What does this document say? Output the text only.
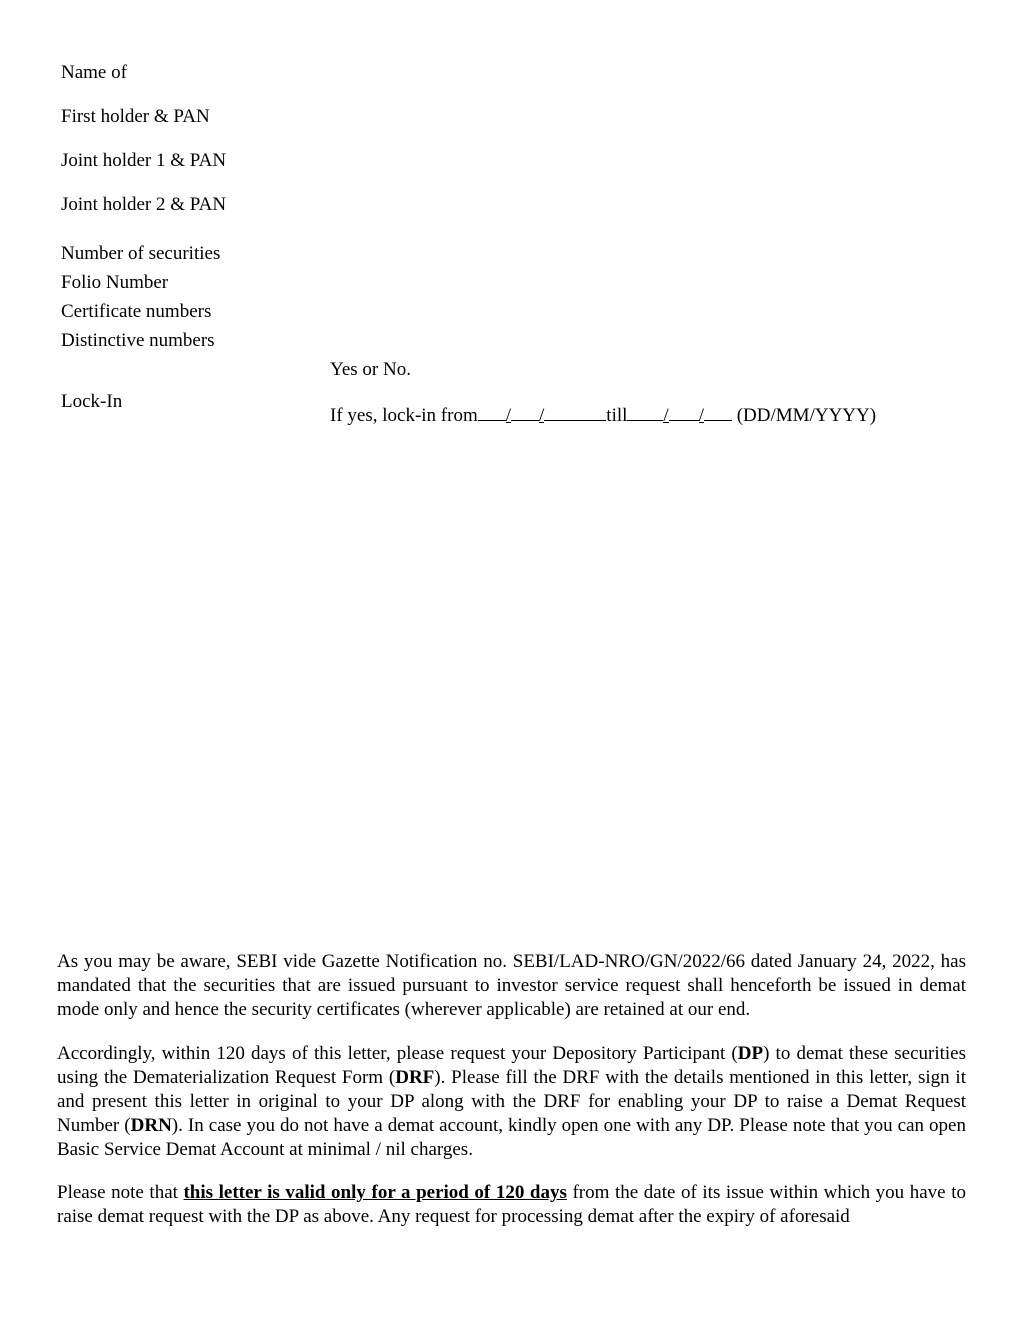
Name of
First holder & PAN
Joint holder 1 & PAN
Joint holder 2 & PAN
Number of securities
Folio Number
Certificate numbers
Distinctive numbers
Lock-In
Yes or No.
If yes, lock-in from / /	till / / (DD/MM/YYYY)

As you may be aware, SEBI vide Gazette Notification no. SEBI/LAD-NRO/GN/2022/66 dated January 24, 2022, has mandated that the securities that are issued pursuant to investor service request shall henceforth be issued in demat mode only and hence the security certificates (wherever applicable) are retained at our end.

Accordingly, within 120 days of this letter, please request your Depository Participant (DP) to demat these securities using the Dematerialization Request Form (DRF). Please fill the DRF with the details mentioned in this letter, sign it and present this letter in original to your DP along with the DRF for enabling your DP to raise a Demat Request Number (DRN). In case you do not have a demat account, kindly open one with any DP. Please note that you can open Basic Service Demat Account at minimal / nil charges.

Please note that this letter is valid only for a period of 120 days from the date of its issue within which you have to raise demat request with the DP as above. Any request for processing demat after the expiry of aforesaid
